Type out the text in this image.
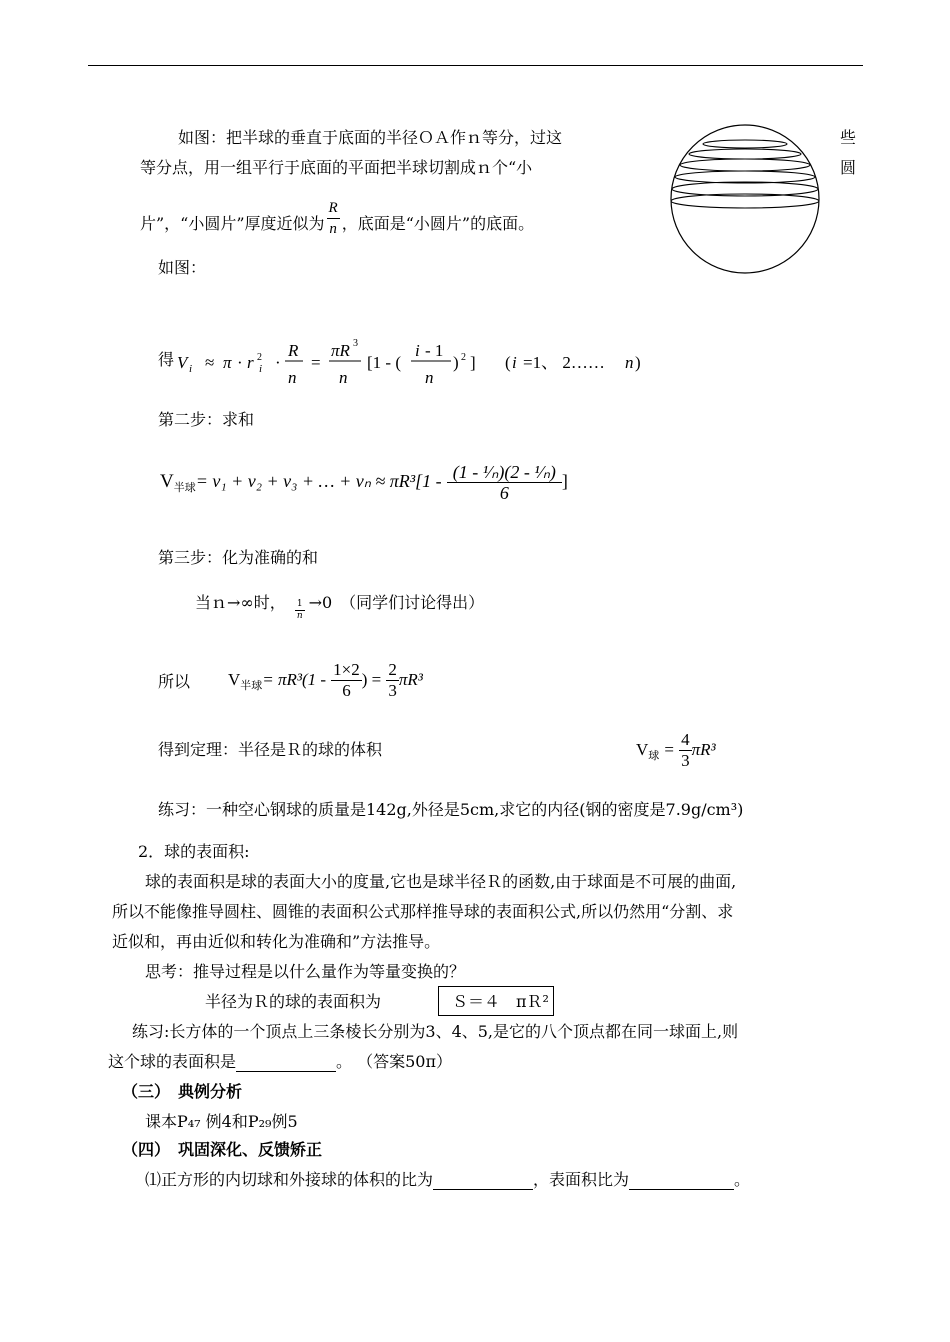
如图：把半球的垂直于底面的半径ＯＡ作ｎ等分，过这
等分点，用一组平行于底面的平面把半球切割成ｎ个“小
片”，“小圆片”厚度近似为 $\frac{R}{n}$ ，底面是“小圆片”的底面。
些
圆
如图：
得 V i ≈ π · r 2
i ·
R
n
=
πR 3
n
[1 - (
i - 1
n
) 2 ] ( i =1、 2…… n )
第二步：求和
$V_{半球}= v_1 + v_2 + v_3$ + … + $v_n \approx \pi R^3[1 - \frac{\text{(1 - ¹⁄ₙ)(2 - ¹⁄ₙ)}}{6}$ ]
第三步：化为准确的和
当ｎ→∞时， $\frac{1}{n} \to 0$　（同学们讨论得出）
所以 $V_{半球}= \pi R^3(1 - \frac{1\times 2}{6}$ ) = $\frac{2}{3} \pi R^3$
得到定理：半径是Ｒ的球的体积	$V_球 = \frac{4}{3} \pi R^3$
练习：一种空心钢球的质量是142g,外径是5cm,求它的内径(钢的密度是7.9g/cm³)
2．球的表面积:
球的表面积是球的表面大小的度量,它也是球半径Ｒ的函数,由于球面是不可展的曲面,
所以不能像推导圆柱、圆锥的表面积公式那样推导球的表面积公式,所以仍然用“分割、求
近似和，再由近似和转化为准确和”方法推导。
思考：推导过程是以什么量作为等量变换的？
半径为Ｒ的球的表面积为	Ｓ＝４　πＲ²
练习:长方体的一个顶点上三条棱长分别为3、4、5,是它的八个顶点都在同一球面上,则
这个球的表面积是	。 （答案50π）
（三）　典例分析
课本P₄₇ 例4和P₂₉例5
（四）　巩固深化、反馈矫正
⑴正方形的内切球和外接球的体积的比为	，表面积比为	。
